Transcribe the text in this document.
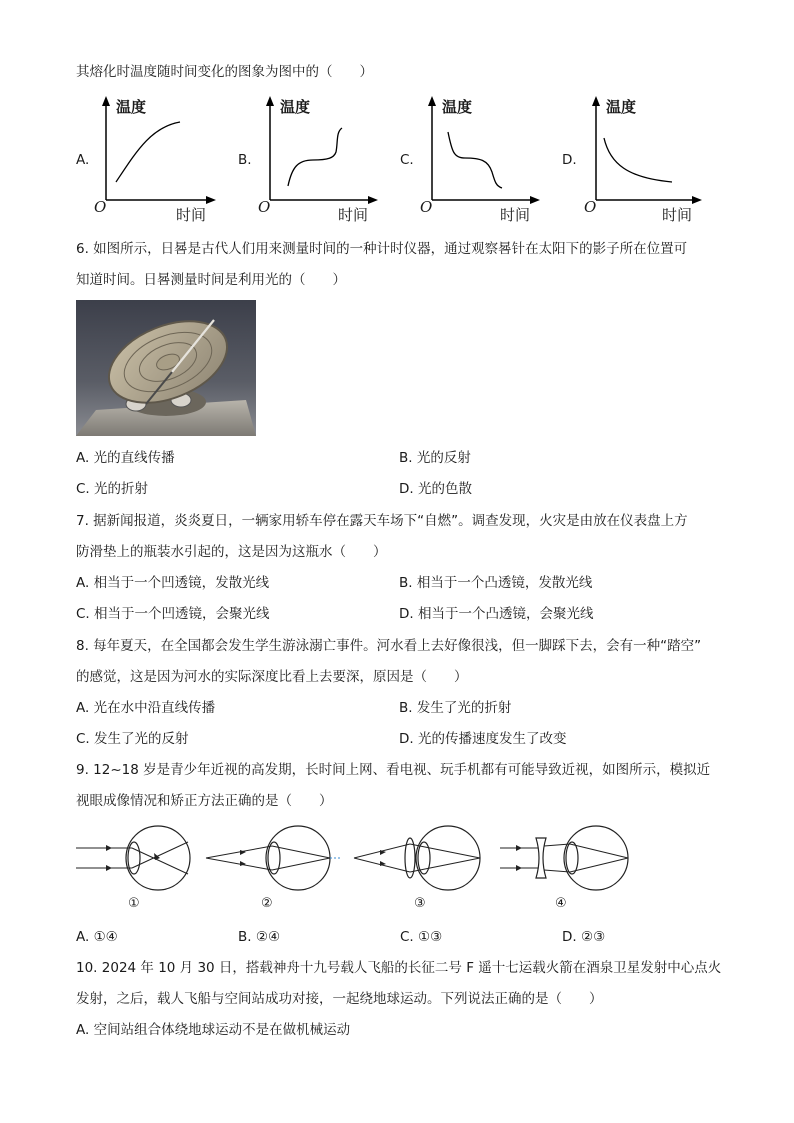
其熔化时温度随时间变化的图象为图中的（　　）
A.
温度
O	时间
B.
温度
O	时间
C.
温度
O	时间
D.
温度
O	时间
6. 如图所示，日晷是古代人们用来测量时间的一种计时仪器，通过观察晷针在太阳下的影子所在位置可
知道时间。日晷测量时间是利用光的（　　）
A. 光的直线传播	B. 光的反射
C. 光的折射	D. 光的色散
7. 据新闻报道，炎炎夏日，一辆家用轿车停在露天车场下“自燃”。调查发现，火灾是由放在仪表盘上方
防滑垫上的瓶装水引起的，这是因为这瓶水（　　）
A. 相当于一个凹透镜，发散光线	B. 相当于一个凸透镜，发散光线
C. 相当于一个凹透镜，会聚光线	D. 相当于一个凸透镜，会聚光线
8. 每年夏天，在全国都会发生学生游泳溺亡事件。河水看上去好像很浅，但一脚踩下去，会有一种“踏空”
的感觉，这是因为河水的实际深度比看上去要深，原因是（　　）
A. 光在水中沿直线传播	B. 发生了光的折射
C. 发生了光的反射	D. 光的传播速度发生了改变
9. 12~18 岁是青少年近视的高发期，长时间上网、看电视、玩手机都有可能导致近视，如图所示，模拟近
视眼成像情况和矫正方法正确的是（　　）
①	②	③	④
A. ①④	B. ②④	C. ①③	D. ②③
10. 2024 年 10 月 30 日，搭载神舟十九号载人飞船的长征二号 F 遥十七运载火箭在酒泉卫星发射中心点火
发射，之后，载人飞船与空间站成功对接，一起绕地球运动。下列说法正确的是（　　）
A. 空间站组合体绕地球运动不是在做机械运动
